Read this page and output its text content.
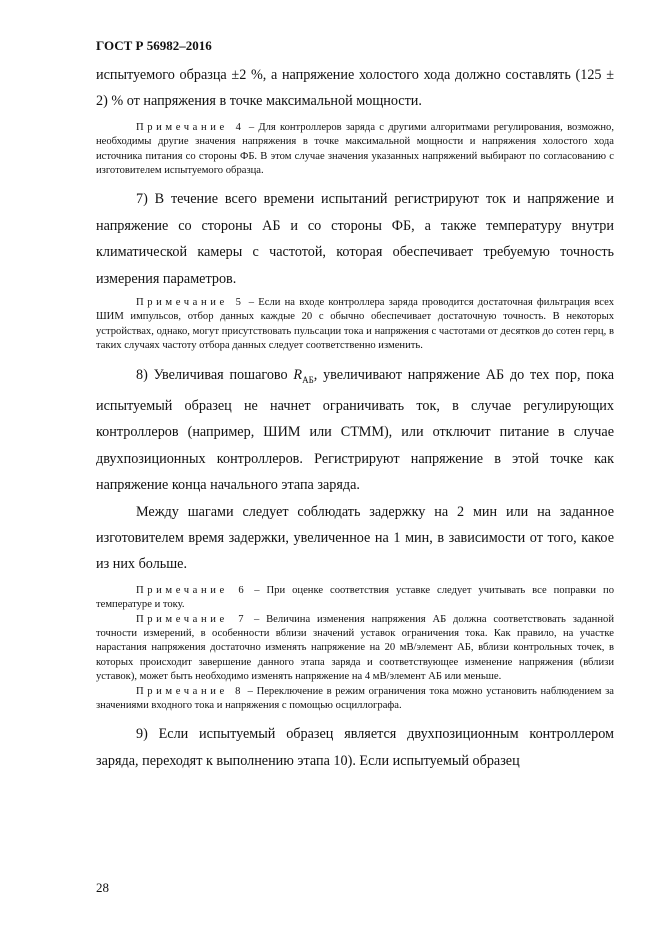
ГОСТ Р 56982–2016

испытуемого образца ±2 %, а напряжение холостого хода должно составлять (125 ± 2) % от напряжения в точке максимальной мощности.

Примечание 4 – Для контроллеров заряда с другими алгоритмами регулирования, возможно, необходимы другие значения напряжения в точке максимальной мощности и напряжения холостого хода источника питания со стороны ФБ. В этом случае значения указанных напряжений выбирают по согласованию с изготовителем испытуемого образца.

7) В течение всего времени испытаний регистрируют ток и напряжение и напряжение со стороны АБ и со стороны ФБ, а также температуру внутри климатической камеры с частотой, которая обеспечивает требуемую точность измерения параметров.

Примечание 5 – Если на входе контроллера заряда проводится достаточная фильтрация всех ШИМ импульсов, отбор данных каждые 20 с обычно обеспечивает достаточную точность. В некоторых устройствах, однако, могут присутствовать пульсации тока и напряжения с частотами от десятков до сотен герц, в таких случаях частоту отбора данных следует соответственно изменить.

8) Увеличивая пошагово $R_{АБ}$, увеличивают напряжение АБ до тех пор, пока испытуемый образец не начнет ограничивать ток, в случае регулирующих контроллеров (например, ШИМ или СТММ), или отключит питание в случае двухпозиционных контроллеров. Регистрируют напряжение в этой точке как напряжение конца начального этапа заряда.

Между шагами следует соблюдать задержку на 2 мин или на заданное изготовителем время задержки, увеличенное на 1 мин, в зависимости от того, какое из них больше.

Примечание 6 – При оценке соответствия уставке следует учитывать все поправки по температуре и току.

Примечание 7 – Величина изменения напряжения АБ должна соответствовать заданной точности измерений, в особенности вблизи значений уставок ограничения тока. Как правило, на участке нарастания напряжения достаточно изменять напряжение на 20 мВ/элемент АБ, вблизи контрольных точек, в которых происходит завершение данного этапа заряда и соответствующее изменение напряжения (вблизи уставок), может быть необходимо изменять напряжение на 4 мВ/элемент АБ или меньше.

Примечание 8 – Переключение в режим ограничения тока можно установить наблюдением за значениями входного тока и напряжения с помощью осциллографа.

9) Если испытуемый образец является двухпозиционным контроллером заряда, переходят к выполнению этапа 10). Если испытуемый образец

28
